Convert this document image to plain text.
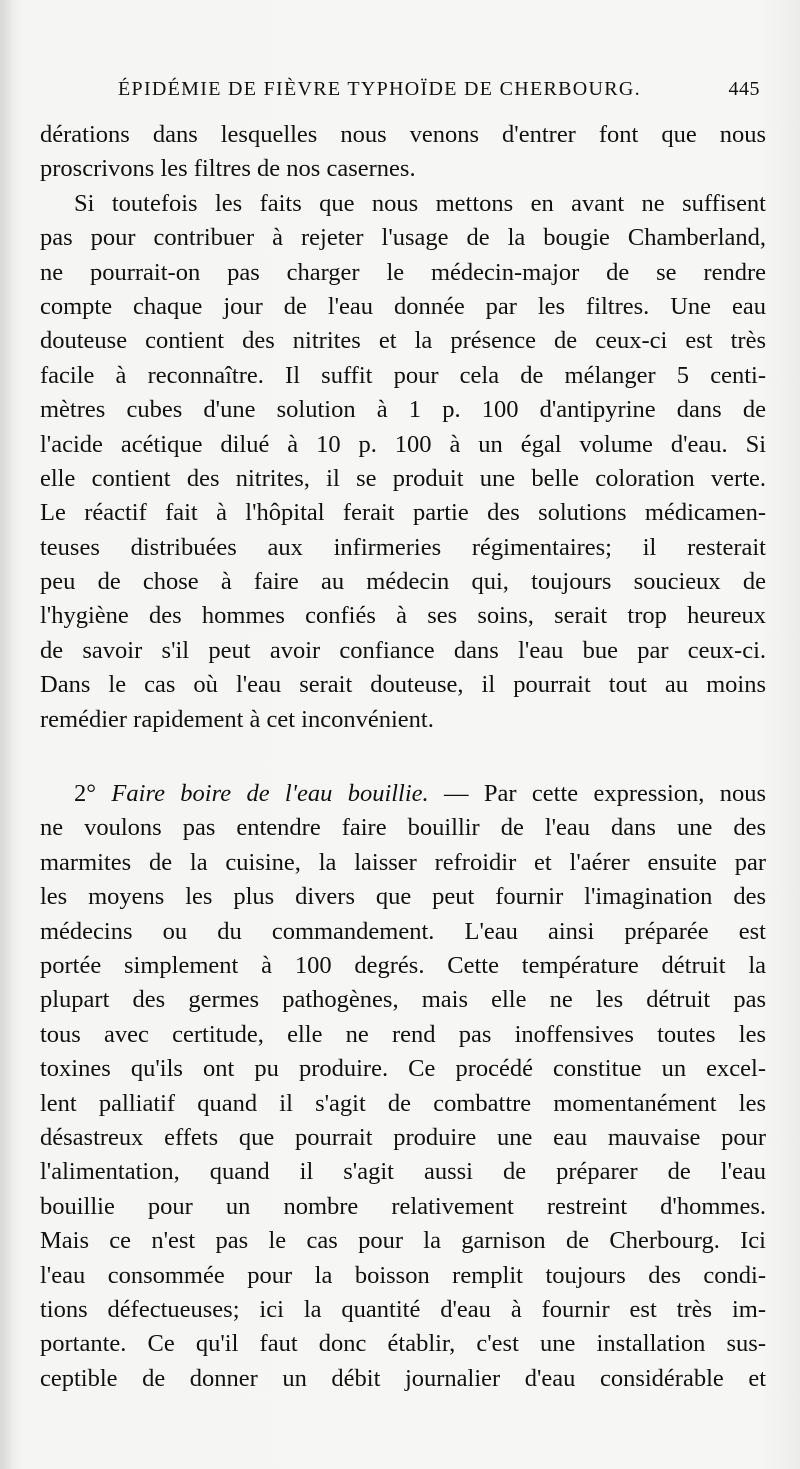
ÉPIDÉMIE DE FIÈVRE TYPHOÏDE DE CHERBOURG.	445
dérations dans lesquelles nous venons d'entrer font que nous
proscrivons les filtres de nos casernes.
Si toutefois les faits que nous mettons en avant ne suffisent
pas pour contribuer à rejeter l'usage de la bougie Chamberland,
ne pourrait-on pas charger le médecin-major de se rendre
compte chaque jour de l'eau donnée par les filtres. Une eau
douteuse contient des nitrites et la présence de ceux-ci est très
facile à reconnaître. Il suffit pour cela de mélanger 5 centi-
mètres cubes d'une solution à 1 p. 100 d'antipyrine dans de
l'acide acétique dilué à 10 p. 100 à un égal volume d'eau. Si
elle contient des nitrites, il se produit une belle coloration verte.
Le réactif fait à l'hôpital ferait partie des solutions médicamen-
teuses distribuées aux infirmeries régimentaires; il resterait
peu de chose à faire au médecin qui, toujours soucieux de
l'hygiène des hommes confiés à ses soins, serait trop heureux
de savoir s'il peut avoir confiance dans l'eau bue par ceux-ci.
Dans le cas où l'eau serait douteuse, il pourrait tout au moins
remédier rapidement à cet inconvénient.
2° Faire boire de l'eau bouillie. — Par cette expression, nous
ne voulons pas entendre faire bouillir de l'eau dans une des
marmites de la cuisine, la laisser refroidir et l'aérer ensuite par
les moyens les plus divers que peut fournir l'imagination des
médecins ou du commandement. L'eau ainsi préparée est
portée simplement à 100 degrés. Cette température détruit la
plupart des germes pathogènes, mais elle ne les détruit pas
tous avec certitude, elle ne rend pas inoffensives toutes les
toxines qu'ils ont pu produire. Ce procédé constitue un excel-
lent palliatif quand il s'agit de combattre momentanément les
désastreux effets que pourrait produire une eau mauvaise pour
l'alimentation, quand il s'agit aussi de préparer de l'eau
bouillie pour un nombre relativement restreint d'hommes.
Mais ce n'est pas le cas pour la garnison de Cherbourg. Ici
l'eau consommée pour la boisson remplit toujours des condi-
tions défectueuses; ici la quantité d'eau à fournir est très im-
portante. Ce qu'il faut donc établir, c'est une installation sus-
ceptible de donner un débit journalier d'eau considérable et
